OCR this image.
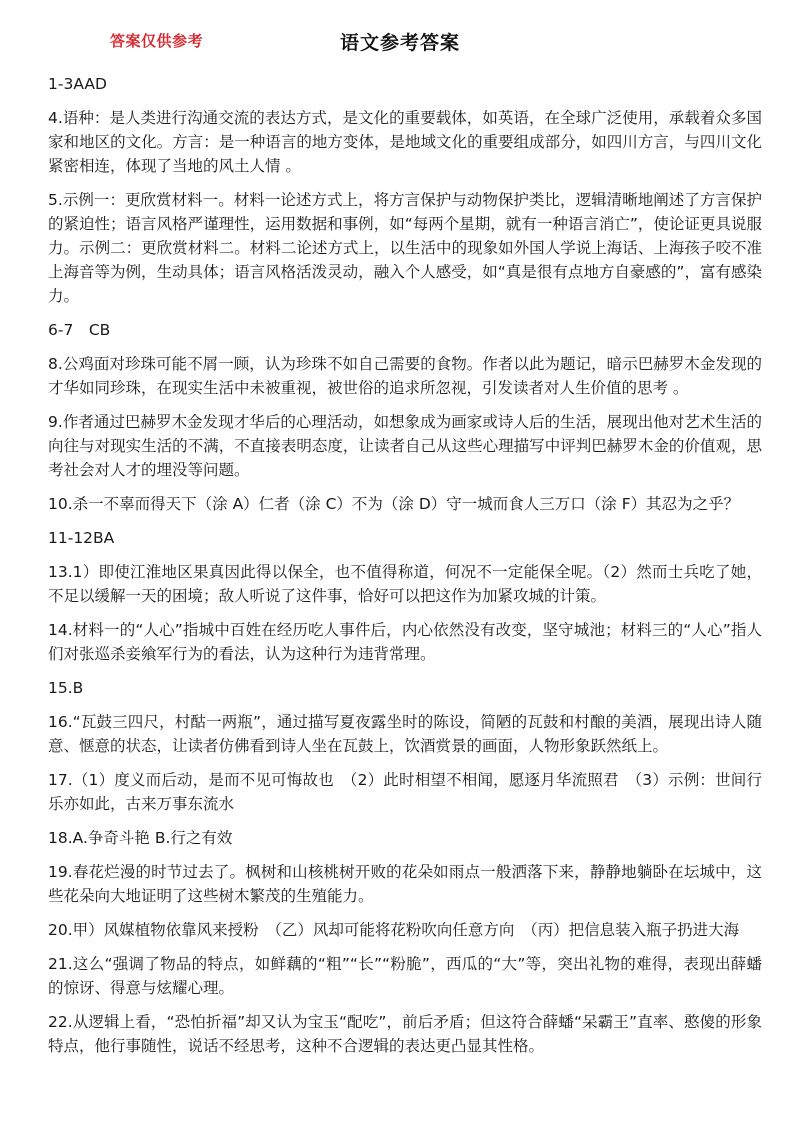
答案仅供参考	语文参考答案

1-3AAD

4.语种：是人类进行沟通交流的表达方式，是文化的重要载体，如英语，在全球广泛使用，承载着众多国家和地区的文化。方言：是一种语言的地方变体，是地域文化的重要组成部分，如四川方言，与四川文化紧密相连，体现了当地的风土人情 。

5.示例一：更欣赏材料一。材料一论述方式上，将方言保护与动物保护类比，逻辑清晰地阐述了方言保护的紧迫性；语言风格严谨理性，运用数据和事例，如“每两个星期，就有一种语言消亡”，使论证更具说服力。示例二：更欣赏材料二。材料二论述方式上，以生活中的现象如外国人学说上海话、上海孩子咬不准上海音等为例，生动具体；语言风格活泼灵动，融入个人感受，如“真是很有点地方自豪感的”，富有感染力。

6-7　CB

8.公鸡面对珍珠可能不屑一顾，认为珍珠不如自己需要的食物。作者以此为题记，暗示巴赫罗木金发现的才华如同珍珠，在现实生活中未被重视，被世俗的追求所忽视，引发读者对人生价值的思考 。

9.作者通过巴赫罗木金发现才华后的心理活动，如想象成为画家或诗人后的生活，展现出他对艺术生活的向往与对现实生活的不满，不直接表明态度，让读者自己从这些心理描写中评判巴赫罗木金的价值观，思考社会对人才的埋没等问题。

10.杀一不辜而得天下（涂 A）仁者（涂 C）不为（涂 D）守一城而食人三万口（涂 F）其忍为之乎？

11-12BA

13.1）即使江淮地区果真因此得以保全，也不值得称道，何况不一定能保全呢。（2）然而士兵吃了她，不足以缓解一天的困境；敌人听说了这件事，恰好可以把这作为加紧攻城的计策。

14.材料一的“人心”指城中百姓在经历吃人事件后，内心依然没有改变，坚守城池；材料三的“人心”指人们对张巡杀妾飨军行为的看法，认为这种行为违背常理。

15.B

16.“瓦鼓三四尺，村酤一两瓶”，通过描写夏夜露坐时的陈设，简陋的瓦鼓和村酿的美酒，展现出诗人随意、惬意的状态，让读者仿佛看到诗人坐在瓦鼓上，饮酒赏景的画面，人物形象跃然纸上。

17.（1）度义而后动，是而不见可悔故也　（2）此时相望不相闻，愿逐月华流照君　（3）示例：世间行乐亦如此，古来万事东流水

18.A.争奇斗艳 B.行之有效

19.春花烂漫的时节过去了。枫树和山核桃树开败的花朵如雨点一般洒落下来，静静地躺卧在坛城中，这些花朵向大地证明了这些树木繁茂的生殖能力。

20.甲）风媒植物依靠风来授粉　（乙）风却可能将花粉吹向任意方向　（丙）把信息装入瓶子扔进大海

21.这么“强调了物品的特点，如鲜藕的“粗”“长”“粉脆”，西瓜的“大”等，突出礼物的难得，表现出薛蟠的惊讶、得意与炫耀心理。

22.从逻辑上看，“恐怕折福”却又认为宝玉“配吃”，前后矛盾；但这符合薛蟠“呆霸王”直率、憨傻的形象特点，他行事随性，说话不经思考，这种不合逻辑的表达更凸显其性格。
